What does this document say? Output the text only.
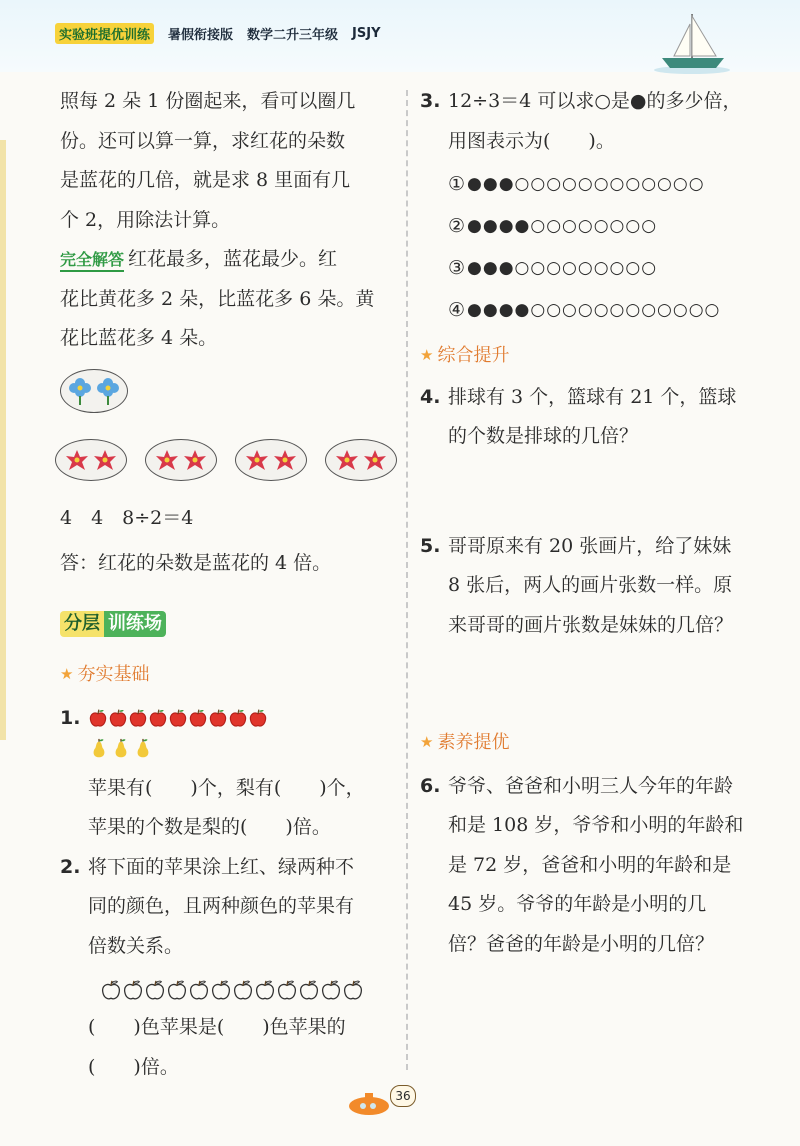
实验班提优训练	暑假衔接版 数学二升三年级 JSJY

照每 2 朵 1 份圈起来，看可以圈几

份。还可以算一算，求红花的朵数

是蓝花的几倍，就是求 8 里面有几

个 2，用除法计算。

完全解答 红花最多，蓝花最少。红

花比黄花多 2 朵，比蓝花多 6 朵。黄

花比蓝花多 4 朵。

4　4　8÷2＝4

答：红花的朵数是蓝花的 4 倍。

分层 训练场
★ 夯实基础
1.

苹果有(　　)个，梨有(　　)个，

苹果的个数是梨的(　　)倍。

2. 将下面的苹果涂上红、绿两种不

同的颜色，且两种颜色的苹果有

倍数关系。

(　　)色苹果是(　　)色苹果的

(　　)倍。

3. 12÷3＝4 可以求○是●的多少倍，

用图表示为(　　)。

① ●●●○○○○○○○○○○○○
② ●●●●○○○○○○○○
③ ●●●○○○○○○○○○
④ ●●●●○○○○○○○○○○○○
★ 综合提升
4. 排球有 3 个，篮球有 21 个，篮球

的个数是排球的几倍？

5. 哥哥原来有 20 张画片，给了妹妹

8 张后，两人的画片张数一样。原

来哥哥的画片张数是妹妹的几倍？

★ 素养提优
6. 爷爷、爸爸和小明三人今年的年龄

和是 108 岁，爷爷和小明的年龄和

是 72 岁，爸爸和小明的年龄和是

45 岁。爷爷的年龄是小明的几

倍？爸爸的年龄是小明的几倍？

36
